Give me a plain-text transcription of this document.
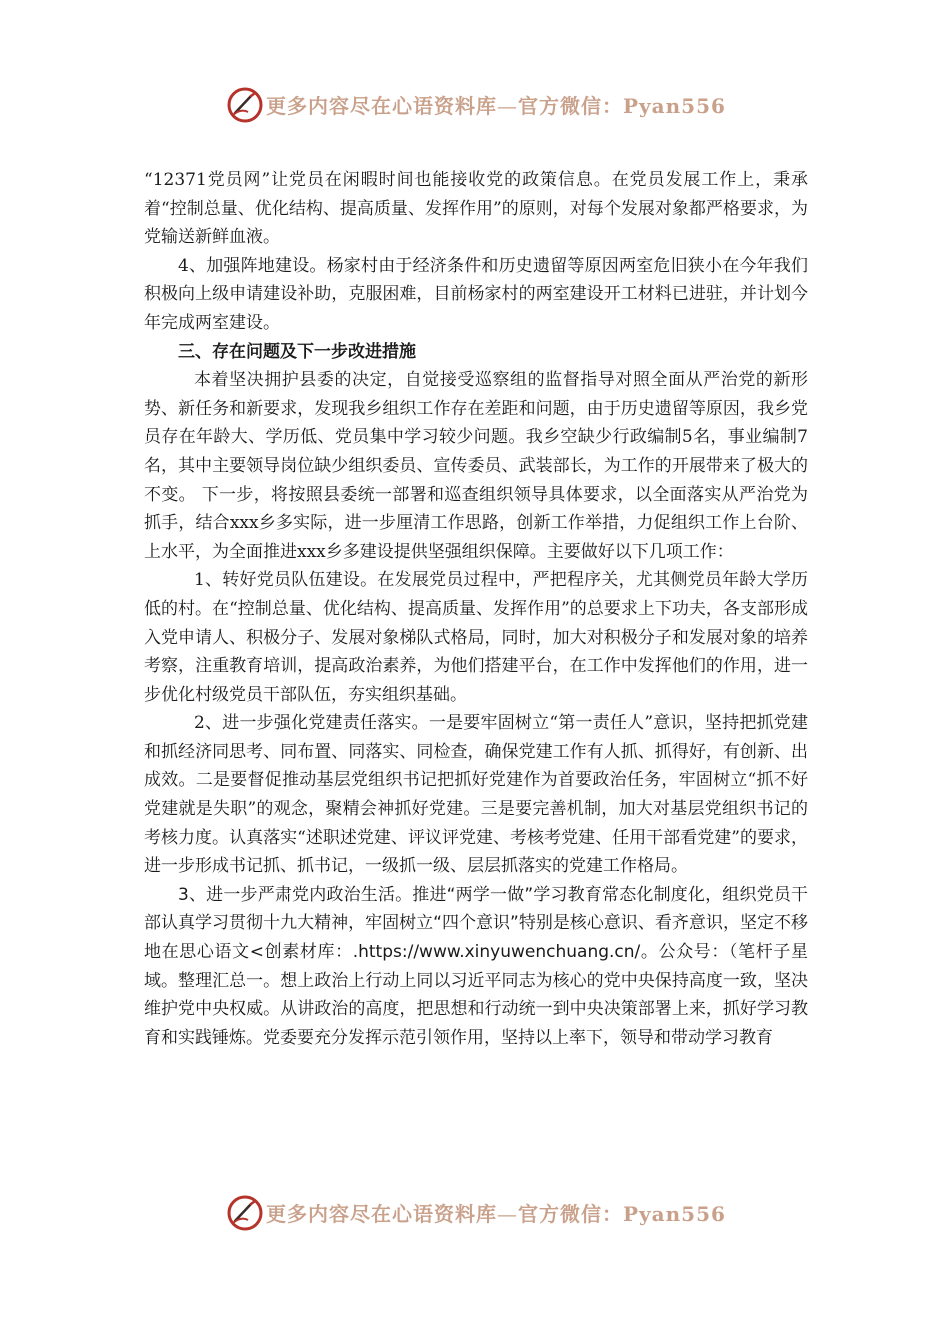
更多内容尽在心语资料库—官方微信：Pyan556

“12371党员网”让党员在闲暇时间也能接收党的政策信息。在党员发展工作上，秉承着“控制总量、优化结构、提高质量、发挥作用”的原则，对每个发展对象都严格要求，为党输送新鲜血液。

4、加强阵地建设。杨家村由于经济条件和历史遗留等原因两室危旧狭小在今年我们积极向上级申请建设补助，克服困难，目前杨家村的两室建设开工材料已进驻，并计划今年完成两室建设。

三、存在问题及下一步改进措施

本着坚决拥护县委的决定，自觉接受巡察组的监督指导对照全面从严治党的新形势、新任务和新要求，发现我乡组织工作存在差距和问题，由于历史遗留等原因，我乡党员存在年龄大、学历低、党员集中学习较少问题。我乡空缺少行政编制5名，事业编制7名，其中主要领导岗位缺少组织委员、宣传委员、武装部长，为工作的开展带来了极大的不变。 下一步，将按照县委统一部署和巡查组织领导具体要求，以全面落实从严治党为抓手，结合xxx乡多实际，进一步厘清工作思路，创新工作举措，力促组织工作上台阶、上水平，为全面推进xxx乡多建设提供坚强组织保障。主要做好以下几项工作：

1、转好党员队伍建设。在发展党员过程中，严把程序关，尤其侧党员年龄大学历低的村。在“控制总量、优化结构、提高质量、发挥作用”的总要求上下功夫，各支部形成入党申请人、积极分子、发展对象梯队式格局，同时，加大对积极分子和发展对象的培养考察，注重教育培训，提高政治素养，为他们搭建平台，在工作中发挥他们的作用，进一步优化村级党员干部队伍，夯实组织基础。

2、进一步强化党建责任落实。一是要牢固树立“第一责任人”意识，坚持把抓党建和抓经济同思考、同布置、同落实、同检查，确保党建工作有人抓、抓得好，有创新、出成效。二是要督促推动基层党组织书记把抓好党建作为首要政治任务，牢固树立“抓不好党建就是失职”的观念，聚精会神抓好党建。三是要完善机制，加大对基层党组织书记的考核力度。认真落实“述职述党建、评议评党建、考核考党建、任用干部看党建”的要求，进一步形成书记抓、抓书记，一级抓一级、层层抓落实的党建工作格局。

3、进一步严肃党内政治生活。推进“两学一做”学习教育常态化制度化，组织党员干部认真学习贯彻十九大精神，牢固树立“四个意识”特别是核心意识、看齐意识，坚定不移地在思心语文<创素材库：.https://www.xinyuwenchuang.cn/。公众号：（笔杆子星域。整理汇总一。想上政治上行动上同以习近平同志为核心的党中央保持高度一致，坚决维护党中央权威。从讲政治的高度，把思想和行动统一到中央决策部署上来，抓好学习教育和实践锤炼。党委要充分发挥示范引领作用，坚持以上率下，领导和带动学习教育

更多内容尽在心语资料库—官方微信：Pyan556
